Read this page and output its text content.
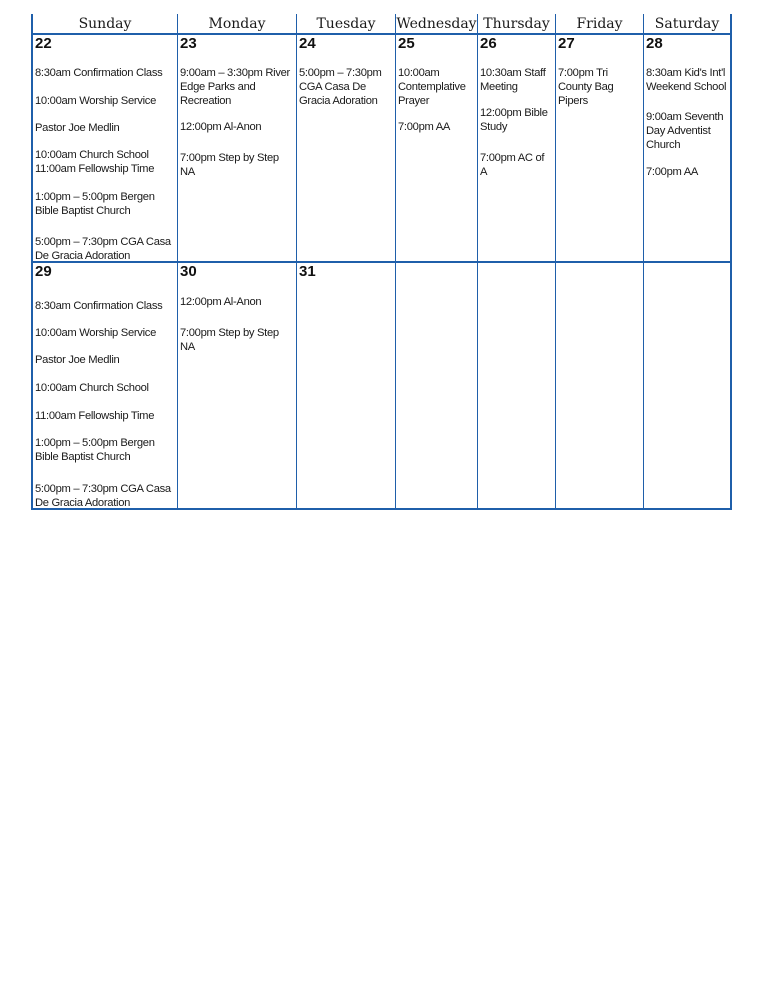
Sunday	Monday	Tuesday	Wednesday Thursday	Friday	Saturday
22
8:30am Confirmation Class
10:00am Worship Service
Pastor Joe Medlin
10:00am Church School
11:00am Fellowship Time
1:00pm – 5:00pm Bergen Bible Baptist Church
5:00pm – 7:30pm CGA Casa De Gracia Adoration
23
9:00am – 3:30pm River Edge Parks and Recreation
12:00pm Al-Anon
7:00pm Step by Step NA
24
5:00pm – 7:30pm CGA Casa De Gracia Adoration
25
10:00am Contemplative Prayer
7:00pm AA
26
10:30am Staff Meeting
12:00pm Bible Study
7:00pm AC of A
27
7:00pm Tri County Bag Pipers
28
8:30am Kid's Int'l Weekend School
9:00am Seventh Day Adventist Church
7:00pm AA
29
8:30am Confirmation Class
10:00am Worship Service
Pastor Joe Medlin
10:00am Church School
11:00am Fellowship Time
1:00pm – 5:00pm Bergen Bible Baptist Church
5:00pm – 7:30pm CGA Casa De Gracia Adoration
30
12:00pm Al-Anon
7:00pm Step by Step NA
31
